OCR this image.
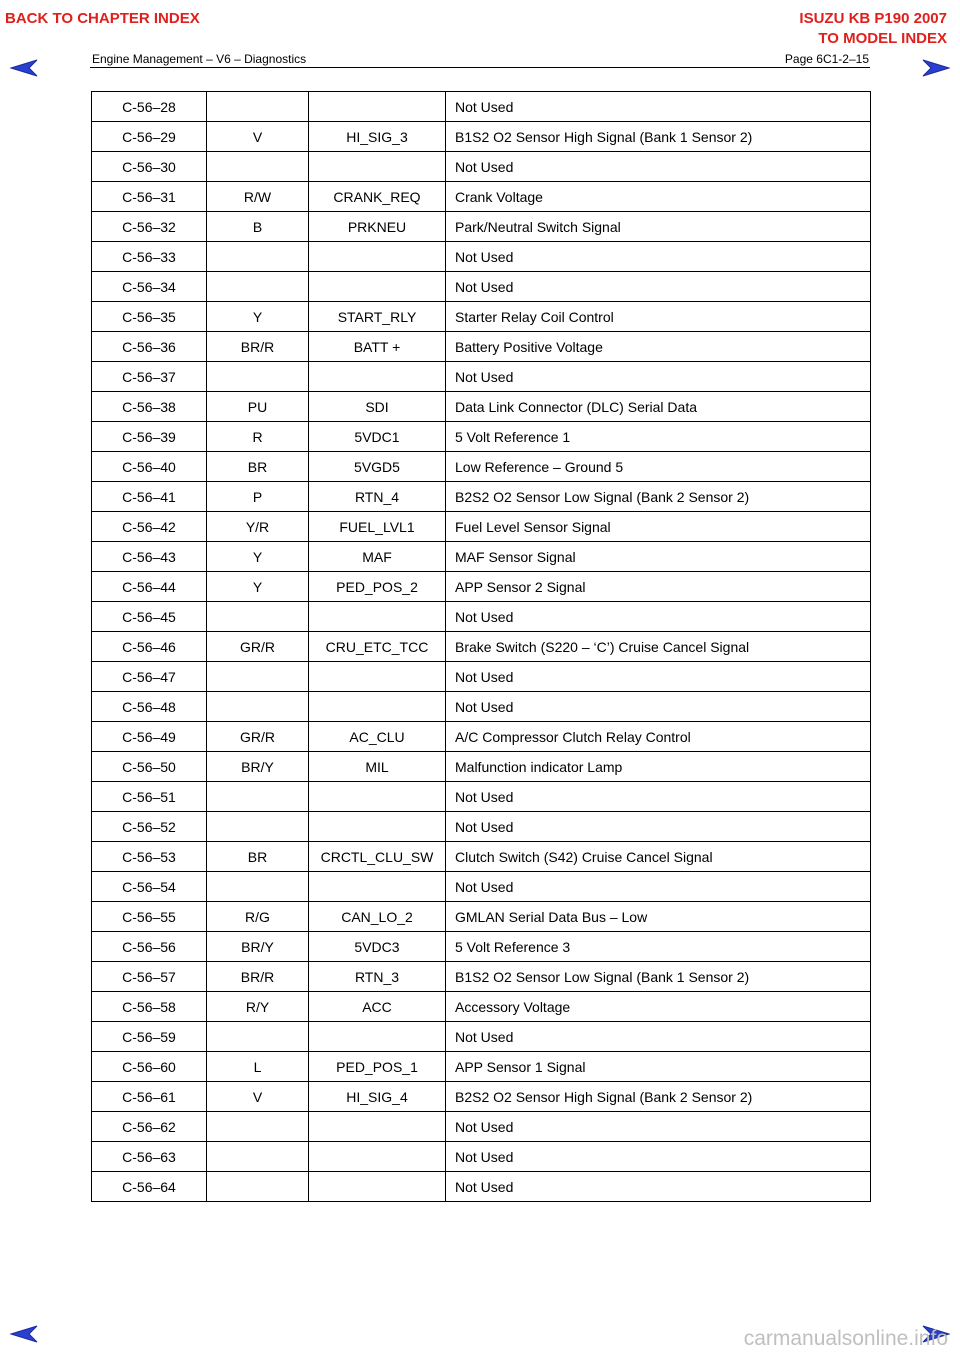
BACK TO CHAPTER INDEX	ISUZU KB P190 2007
TO MODEL INDEX
Engine Management – V6 – Diagnostics	Page 6C1-2–15
C-56–28			Not Used
C-56–29	V	HI_SIG_3	B1S2 O2 Sensor High Signal (Bank 1 Sensor 2)
C-56–30			Not Used
C-56–31	R/W	CRANK_REQ	Crank Voltage
C-56–32	B	PRKNEU	Park/Neutral Switch Signal
C-56–33			Not Used
C-56–34			Not Used
C-56–35	Y	START_RLY	Starter Relay Coil Control
C-56–36	BR/R	BATT +	Battery Positive Voltage
C-56–37			Not Used
C-56–38	PU	SDI	Data Link Connector (DLC) Serial Data
C-56–39	R	5VDC1	5 Volt Reference 1
C-56–40	BR	5VGD5	Low Reference – Ground 5
C-56–41	P	RTN_4	B2S2 O2 Sensor Low Signal (Bank 2 Sensor 2)
C-56–42	Y/R	FUEL_LVL1	Fuel Level Sensor Signal
C-56–43	Y	MAF	MAF Sensor Signal
C-56–44	Y	PED_POS_2	APP Sensor 2 Signal
C-56–45			Not Used
C-56–46	GR/R	CRU_ETC_TCC	Brake Switch (S220 – ‘C’) Cruise Cancel Signal
C-56–47			Not Used
C-56–48			Not Used
C-56–49	GR/R	AC_CLU	A/C Compressor Clutch Relay Control
C-56–50	BR/Y	MIL	Malfunction indicator Lamp
C-56–51			Not Used
C-56–52			Not Used
C-56–53	BR	CRCTL_CLU_SW	Clutch Switch (S42) Cruise Cancel Signal
C-56–54			Not Used
C-56–55	R/G	CAN_LO_2	GMLAN Serial Data Bus – Low
C-56–56	BR/Y	5VDC3	5 Volt Reference 3
C-56–57	BR/R	RTN_3	B1S2 O2 Sensor Low Signal (Bank 1 Sensor 2)
C-56–58	R/Y	ACC	Accessory Voltage
C-56–59			Not Used
C-56–60	L	PED_POS_1	APP Sensor 1 Signal
C-56–61	V	HI_SIG_4	B2S2 O2 Sensor High Signal (Bank 2 Sensor 2)
C-56–62			Not Used
C-56–63			Not Used
C-56–64			Not Used
carmanualsonline.info
